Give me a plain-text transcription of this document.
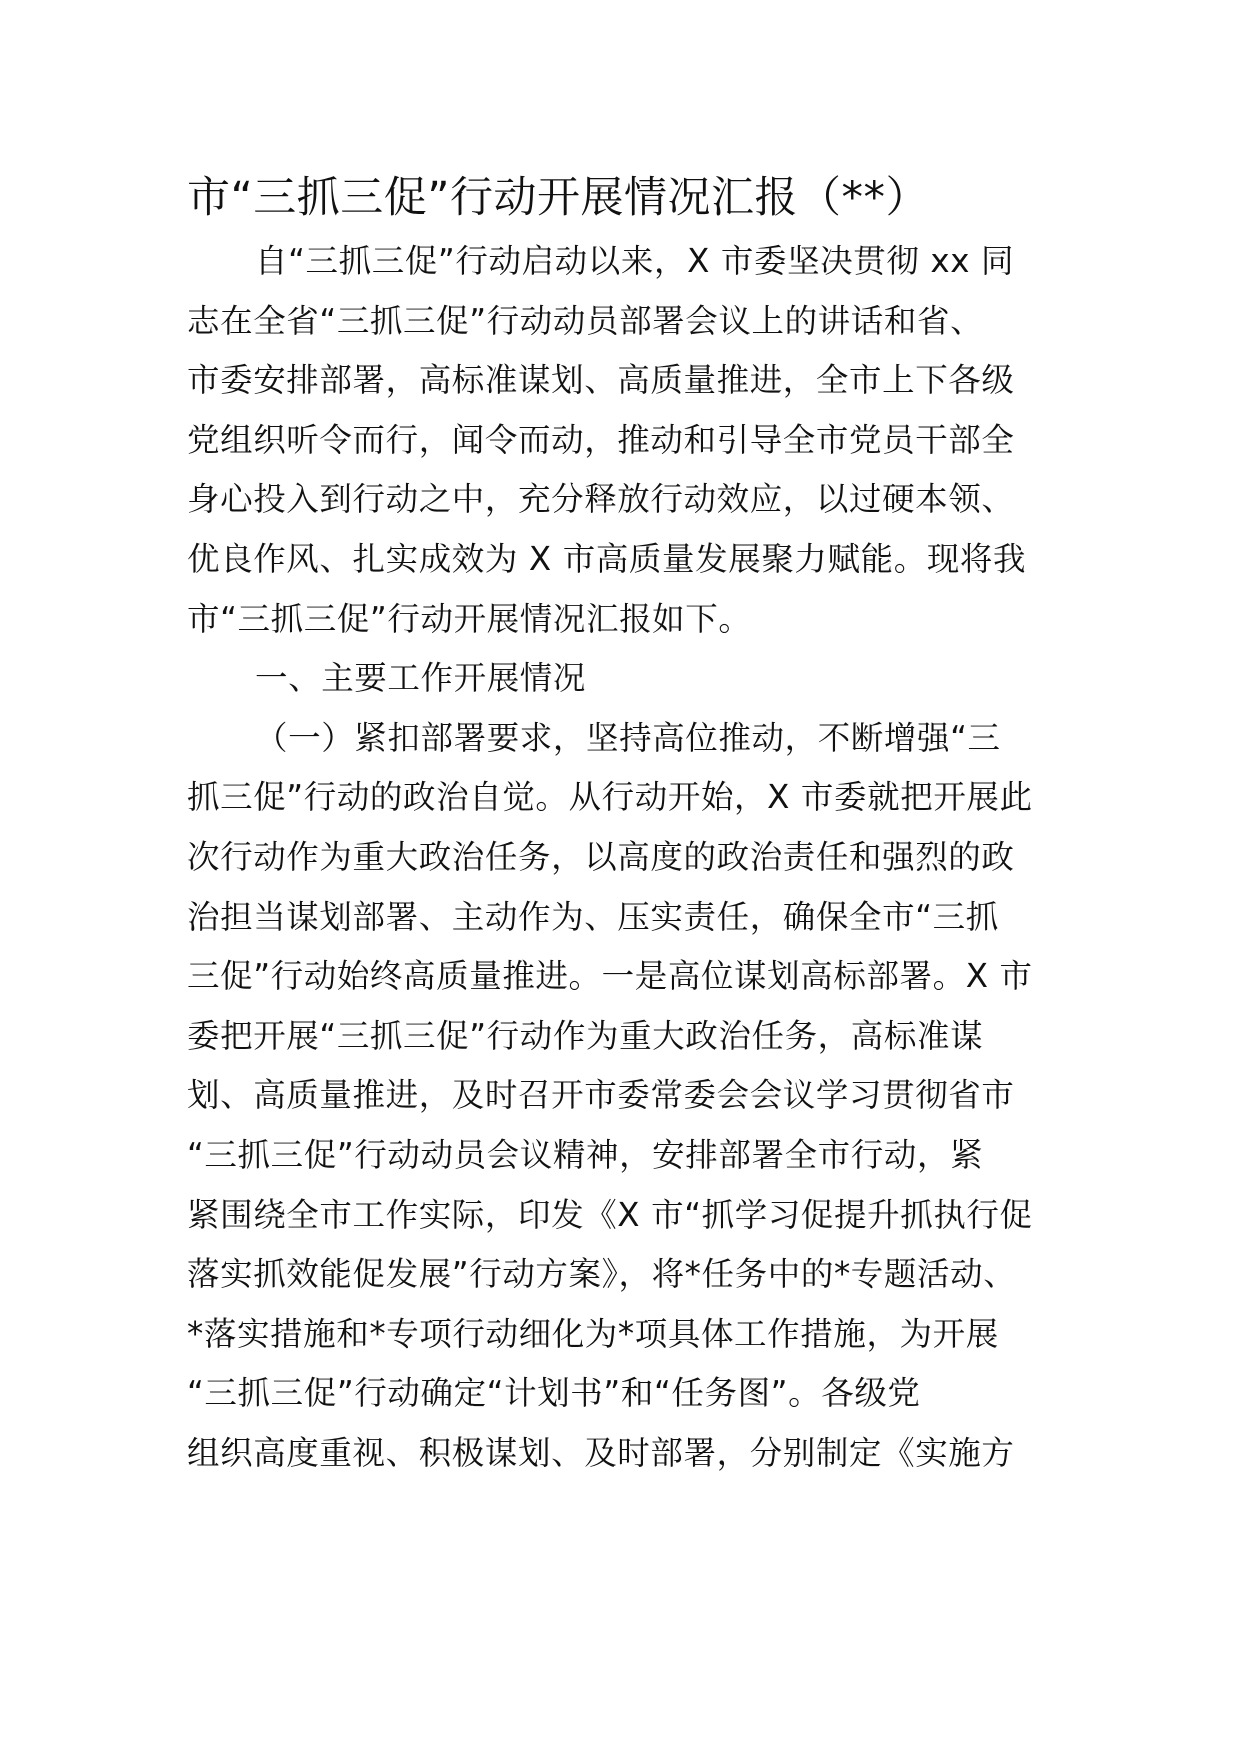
市“三抓三促”行动开展情况汇报（**）
自“三抓三促”行动启动以来，X 市委坚决贯彻 xx 同
志在全省“三抓三促”行动动员部署会议上的讲话和省、
市委安排部署，高标准谋划、高质量推进，全市上下各级
党组织听令而行，闻令而动，推动和引导全市党员干部全
身心投入到行动之中，充分释放行动效应，以过硬本领、
优良作风、扎实成效为 X 市高质量发展聚力赋能。现将我
市“三抓三促”行动开展情况汇报如下。
一、主要工作开展情况
（一）紧扣部署要求，坚持高位推动，不断增强“三
抓三促”行动的政治自觉。从行动开始，X 市委就把开展此
次行动作为重大政治任务，以高度的政治责任和强烈的政
治担当谋划部署、主动作为、压实责任，确保全市“三抓
三促”行动始终高质量推进。一是高位谋划高标部署。X 市
委把开展“三抓三促”行动作为重大政治任务，高标准谋
划、高质量推进，及时召开市委常委会会议学习贯彻省市
“三抓三促”行动动员会议精神，安排部署全市行动，紧
紧围绕全市工作实际，印发《X 市“抓学习促提升抓执行促
落实抓效能促发展”行动方案》，将*任务中的*专题活动、
*落实措施和*专项行动细化为*项具体工作措施，为开展
“三抓三促”行动确定“计划书”和“任务图”。各级党
组织高度重视、积极谋划、及时部署，分别制定《实施方
